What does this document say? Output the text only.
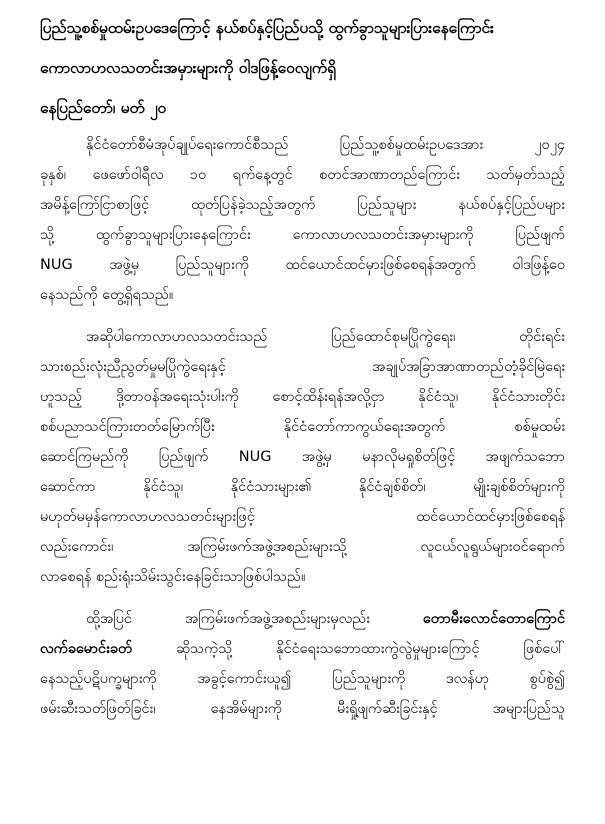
ပြည်သူ့စစ်မှုထမ်းဥပဒေကြောင့် နယ်စပ်နှင့်ပြည်ပသို့ ထွက်ခွာသူများပြားနေကြောင်း

ကောလာဟလသတင်းအမှားများကို ဝါဒဖြန့်ဝေလျက်ရှိ

နေပြည်တော်၊ မတ် ၂၀

နိုင်ငံတော်စီမံအုပ်ချုပ်ရေးကောင်စီသည် ပြည်သူ့စစ်မှုထမ်းဥပဒေအား ၂၀၂၄
ခုနှစ်၊ ဖေဖော်ဝါရီလ ၁၀ ရက်နေ့တွင် စတင်အာဏာတည်ကြောင်း သတ်မှတ်သည့်
အမိန့်ကြော်ငြာစာဖြင့် ထုတ်ပြန်ခဲ့သည့်အတွက် ပြည်သူများ နယ်စပ်နှင့်ပြည်ပများ
သို့ ထွက်ခွာသူများပြားနေကြောင်း ကောလာဟလသတင်းအမှားများကို ပြည်ဖျက်
NUG အဖွဲ့မှ ပြည်သူများကို ထင်ယောင်ထင်မှားဖြစ်စေရန်အတွက် ဝါဒဖြန့်ဝေ
နေသည်ကို တွေ့ရှိရသည်။
အဆိုပါကောလာဟလသတင်းသည် ပြည်ထောင်စုမပြိုကွဲရေး၊ တိုင်းရင်း
သားစည်းလုံးညီညွတ်မှုမပြိုကွဲရေးနှင့် အချုပ်အခြာအာဏာတည်တံ့ခိုင်မြဲရေး
ဟူသည့် ဒို့တာဝန်အရေးသုံးပါးကို စောင့်ထိန်းရန်အလို့ငှာ နိုင်ငံသူ၊ နိုင်ငံသားတိုင်း
စစ်ပညာသင်ကြားတတ်မြောက်ပြီး နိုင်ငံတော်ကာကွယ်ရေးအတွက် စစ်မှုထမ်း
ဆောင်ကြမည်ကို ပြည်ဖျက် NUG အဖွဲ့မှ မနာလိုမရှုစိတ်ဖြင့် အဖျက်သဘော
ဆောင်ကာ နိုင်ငံသူ၊ နိုင်ငံသားများ၏ နိုင်ငံချစ်စိတ်၊ မျိုးချစ်စိတ်များကို
မဟုတ်မမှန်ကောလာဟလသတင်းများဖြင့် ထင်ယောင်ထင်မှားဖြစ်စေရန်
လည်းကောင်း၊ အကြမ်းဖက်အဖွဲ့အစည်းများသို့ လူငယ်လူရွယ်များဝင်ရောက်
လာစေရန် စည်းရုံးသိမ်းသွင်းနေခြင်းသာဖြစ်ပါသည်။
ထို့အပြင် အကြမ်းဖက်အဖွဲ့အစည်းများမှလည်း	တောမီးလောင်တောကြောင်
လက်ခမောင်းခတ်	ဆိုသကဲ့သို့ နိုင်ငံရေးသဘောထားကွဲလွဲမှုများကြောင့် ဖြစ်ပေါ်
နေသည့်ပဋိပက္ခများကို အခွင့်ကောင်းယူ၍ ပြည်သူများကို ဒလန်ဟု စွပ်စွဲ၍
ဖမ်းဆီးသတ်ဖြတ်ခြင်း၊ နေအိမ်များကို မီးရှို့ဖျက်ဆီးခြင်းနှင့် အများပြည်သူ
